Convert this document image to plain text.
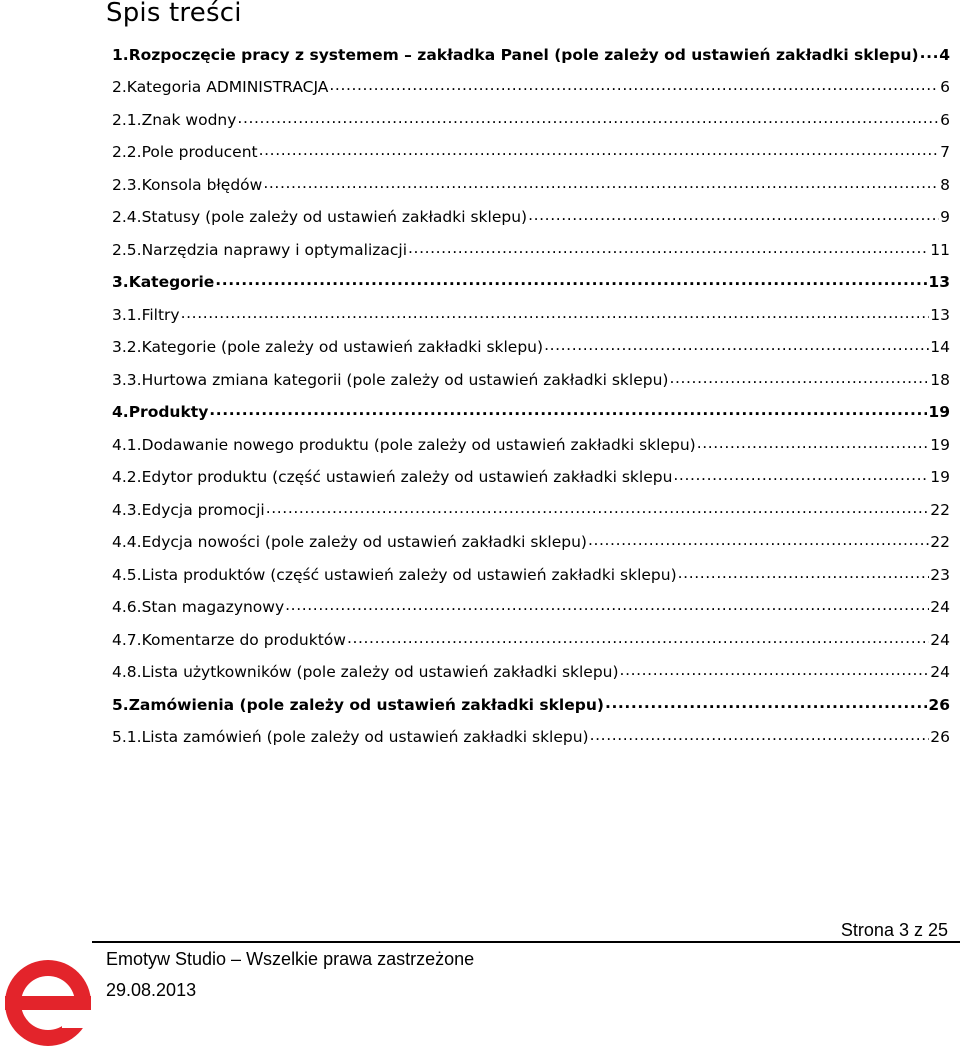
Spis treści
1. Rozpoczęcie pracy z systemem – zakładka Panel (pole zależy od ustawień zakładki sklepu) ..... 4
2. Kategoria ADMINISTRACJA .....	6
2.1. Znak wodny .....	6
2.2. Pole producent .....	7
2.3. Konsola błędów .....	8
2.4. Statusy (pole zależy od ustawień zakładki sklepu) .....	9
2.5. Narzędzia naprawy i optymalizacji .....	11
3. Kategorie .....	13
3.1. Filtry .....	13
3.2. Kategorie (pole zależy od ustawień zakładki sklepu) .....	14
3.3. Hurtowa zmiana kategorii (pole zależy od ustawień zakładki sklepu) .....	18
4. Produkty .....	19
4.1. Dodawanie nowego produktu (pole zależy od ustawień zakładki sklepu) .....	19
4.2. Edytor produktu (część ustawień zależy od ustawień zakładki sklepu .....	19
4.3. Edycja promocji .....	22
4.4. Edycja nowości (pole zależy od ustawień zakładki sklepu) .....	22
4.5. Lista produktów (część ustawień zależy od ustawień zakładki sklepu) .....	23
4.6. Stan magazynowy .....	24
4.7. Komentarze do produktów .....	24
4.8. Lista użytkowników (pole zależy od ustawień zakładki sklepu) .....	24
5. Zamówienia (pole zależy od ustawień zakładki sklepu) .....	26
5.1. Lista zamówień (pole zależy od ustawień zakładki sklepu) .....	26
Strona 3 z 25
Emotyw Studio – Wszelkie prawa zastrzeżone
29.08.2013
